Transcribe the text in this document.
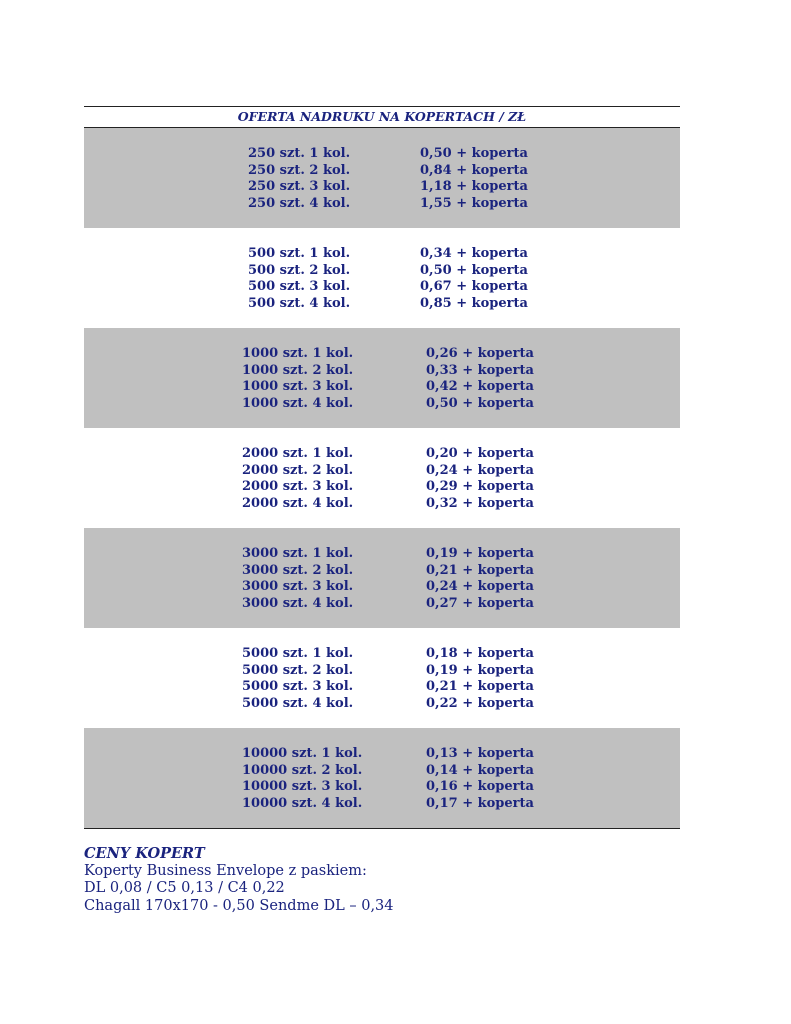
OFERTA NADRUKU NA KOPERTACH / ZŁ
250 szt. 1 kol.	0,50 + koperta
250 szt. 2 kol.	0,84 + koperta
250 szt. 3 kol.	1,18 + koperta
250 szt. 4 kol.	1,55 + koperta
500 szt. 1 kol.	0,34 + koperta
500 szt. 2 kol.	0,50 + koperta
500 szt. 3 kol.	0,67 + koperta
500 szt. 4 kol.	0,85 + koperta
1000 szt. 1 kol.	0,26 + koperta
1000 szt. 2 kol.	0,33 + koperta
1000 szt. 3 kol.	0,42 + koperta
1000 szt. 4 kol.	0,50 + koperta
2000 szt. 1 kol.	0,20 + koperta
2000 szt. 2 kol.	0,24 + koperta
2000 szt. 3 kol.	0,29 + koperta
2000 szt. 4 kol.	0,32 + koperta
3000 szt. 1 kol.	0,19 + koperta
3000 szt. 2 kol.	0,21 + koperta
3000 szt. 3 kol.	0,24 + koperta
3000 szt. 4 kol.	0,27 + koperta
5000 szt. 1 kol.	0,18 + koperta
5000 szt. 2 kol.	0,19 + koperta
5000 szt. 3 kol.	0,21 + koperta
5000 szt. 4 kol.	0,22 + koperta
10000 szt. 1 kol.	0,13 + koperta
10000 szt. 2 kol.	0,14 + koperta
10000 szt. 3 kol.	0,16 + koperta
10000 szt. 4 kol.	0,17 + koperta
CENY KOPERT
Koperty Business Envelope z paskiem:
DL 0,08 / C5 0,13 / C4 0,22
Chagall 170x170 - 0,50 Sendme DL – 0,34
